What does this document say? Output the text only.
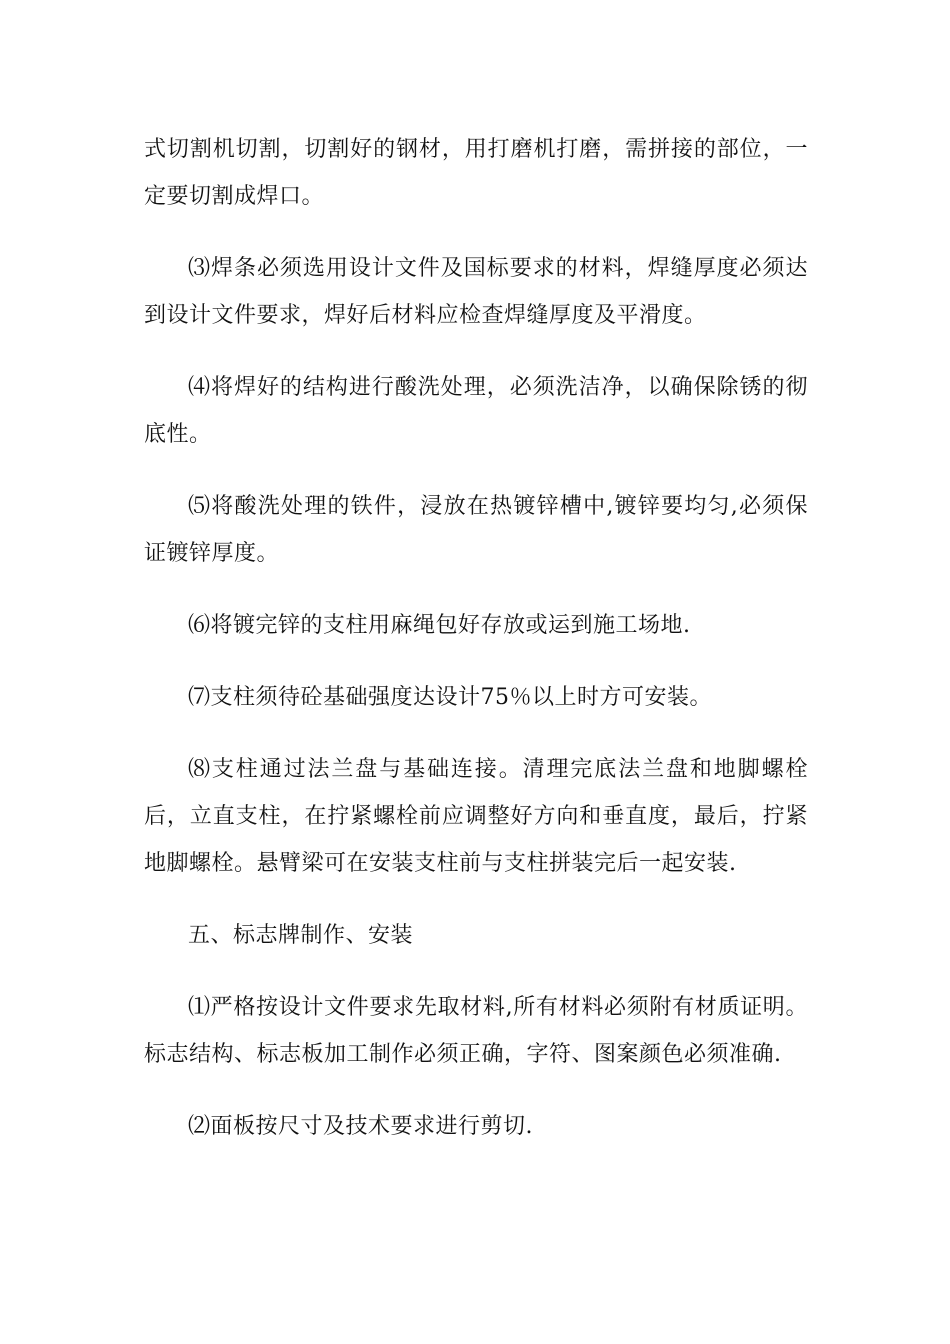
式切割机切割，切割好的钢材，用打磨机打磨，需拼接的部位，一定要切割成焊口。

⑶焊条必须选用设计文件及国标要求的材料，焊缝厚度必须达到设计文件要求，焊好后材料应检查焊缝厚度及平滑度。

⑷将焊好的结构进行酸洗处理，必须洗洁净，以确保除锈的彻底性。

⑸将酸洗处理的铁件，浸放在热镀锌槽中,镀锌要均匀,必须保证镀锌厚度。

⑹将镀完锌的支柱用麻绳包好存放或运到施工场地.

⑺支柱须待砼基础强度达设计75％以上时方可安装。

⑻支柱通过法兰盘与基础连接。清理完底法兰盘和地脚螺栓后，立直支柱，在拧紧螺栓前应调整好方向和垂直度，最后，拧紧地脚螺栓。悬臂梁可在安装支柱前与支柱拼装完后一起安装.

五、标志牌制作、安装

⑴严格按设计文件要求先取材料,所有材料必须附有材质证明。标志结构、标志板加工制作必须正确，字符、图案颜色必须准确.

⑵面板按尺寸及技术要求进行剪切.
